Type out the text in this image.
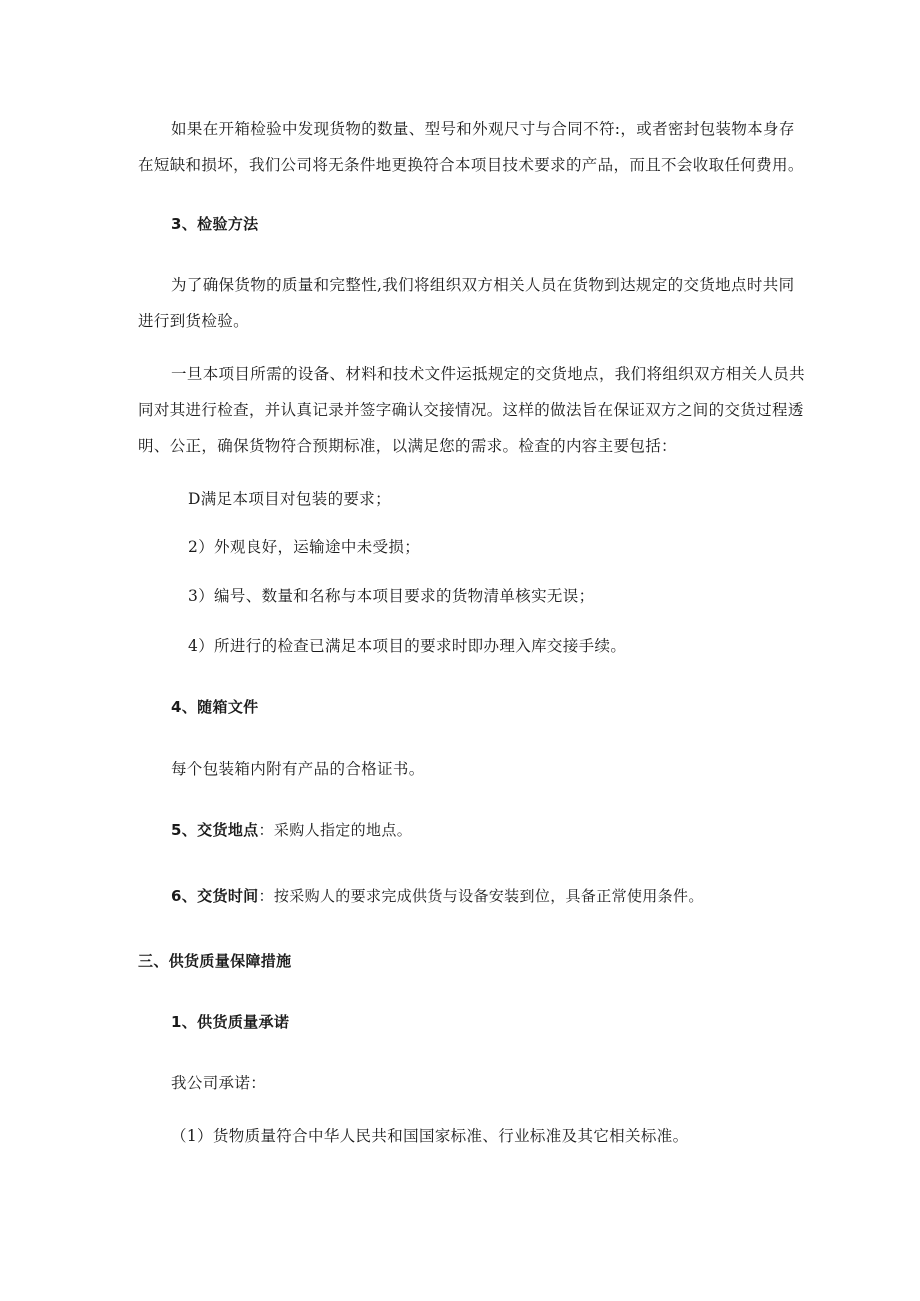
如果在开箱检验中发现货物的数量、型号和外观尺寸与合同不符:，或者密封包装物本身存
在短缺和损坏，我们公司将无条件地更换符合本项目技术要求的产品，而且不会收取任何费用。
3、检验方法
为了确保货物的质量和完整性,我们将组织双方相关人员在货物到达规定的交货地点时共同
进行到货检验。
一旦本项目所需的设备、材料和技术文件运抵规定的交货地点，我们将组织双方相关人员共
同对其进行检查，并认真记录并签字确认交接情况。这样的做法旨在保证双方之间的交货过程透
明、公正，确保货物符合预期标准，以满足您的需求。检查的内容主要包括：
D满足本项目对包装的要求；
2）外观良好，运输途中未受损；
3）编号、数量和名称与本项目要求的货物清单核实无误；
4）所进行的检查已满足本项目的要求时即办理入库交接手续。
4、随箱文件
每个包装箱内附有产品的合格证书。
5、交货地点：采购人指定的地点。
6、交货时间：按采购人的要求完成供货与设备安装到位，具备正常使用条件。
三、供货质量保障措施
1、供货质量承诺
我公司承诺：
（1）货物质量符合中华人民共和国国家标准、行业标准及其它相关标准。
